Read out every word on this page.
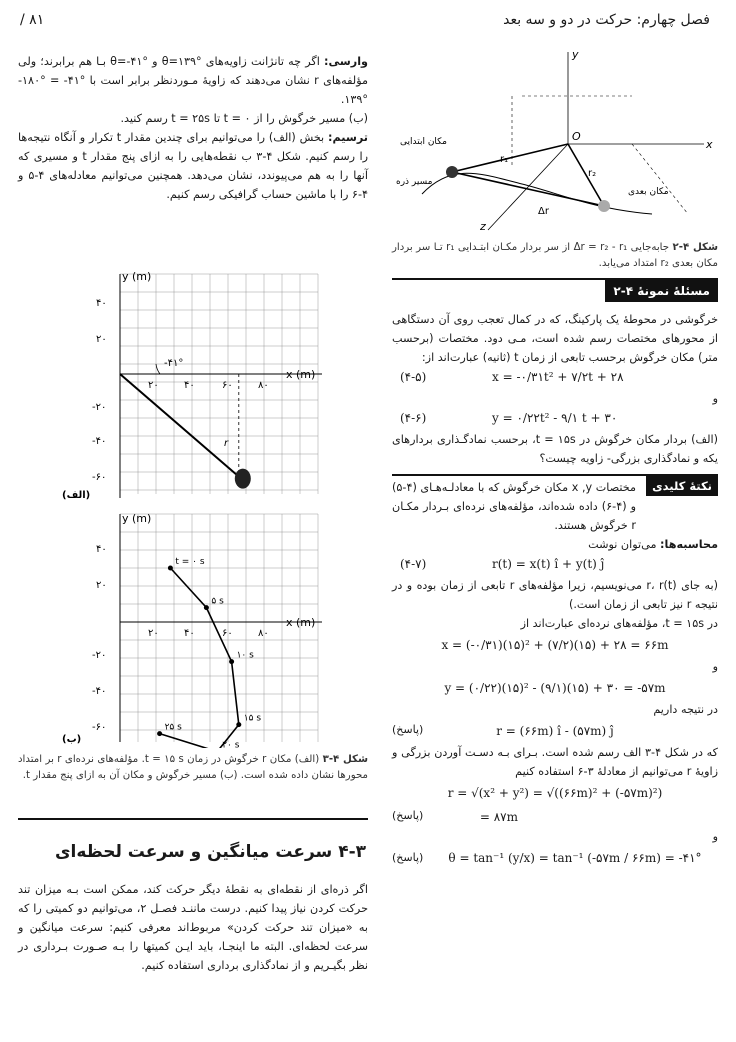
فصل چهارم: حرکت در دو و سه بعد
۸۱ /

وارسی: اگر چه تانژانت زاویه‌های °۱۳۹=θ و °۴۱-=θ بـا هم برابرند؛ ولی مؤلفه‌های r نشان می‌دهند که زاویهٔ مـوردنظر برابر است با °۴۱- = °۱۸۰- °۱۳۹.

(ب) مسیر خرگوش را از t = ۰ تا t = ۲۵s رسم کنید.

ترسیم: بخش (الف) را می‌توانیم برای چندین مقدار t تکرار و آنگاه نتیجه‌ها را رسم کنیم. شکل ۴-۳ ب نقطه‌هایی را به ازای پنج مقدار t و مسیری که آنها را به هم می‌پیوندد، نشان می‌دهد. همچنین می‌توانیم معادله‌های ۴-۵ و ۴-۶ را با ماشین حساب گرافیکی رسم کنیم.

y (m)
x (m)
۴۰
۲۰
-۲۰
-۴۰
-۶۰
۲۰	۴۰	۶۰	۸۰
-۴۱°
r
(الف)
y (m)
x (m)
۴۰
۲۰
-۲۰
-۴۰
-۶۰
۲۰	۴۰	۶۰	۸۰
t = ۰ s
۵ s
۱۰ s
۱۵ s
۲۰ s
۲۵ s
(ب)

شکل ۴-۳ (الف) مکان r خرگوش در زمان t = ۱۵ s. مؤلفه‌های نرده‌ای r بر امتداد محورها نشان داده شده است. (ب) مسیر خرگوش و مکان آن به ازای پنج مقدار t.

۴-۳ سرعت میانگین و سرعت لحظه‌ای

اگر ذره‌ای از نقطه‌ای به نقطهٔ دیگر حرکت کند، ممکن است بـه میزان تند حرکت کردن نیاز پیدا کنیم. درست ماننـد فصـل ۲، می‌توانیم دو کمیتی را که به «میزان تند حرکت کردن» مربوط‌اند معرفی کنیم: سرعت میانگین و سرعت لحظه‌ای. البته ما اینجـا، باید ایـن کمیتها را بـه صـورت بـرداری در نظر بگیـریم و از نمادگذاری برداری استفاده کنیم.

y
x
z
O
r₁
r₂
Δr
مکان ابتدایی
مکان بعدی
مسیر ذره

شکل ۴-۲ جابه‌جایی Δr = r₂ - r₁ از سر بردار مکـان ابتـدایی r₁ تـا سر بردار مکان بعدی r₂ امتداد می‌یابد.

مسئلهٔ نمونهٔ ۴-۲

خرگوشی در محوطهٔ یک پارکینگ، که در کمال تعجب روی آن دستگاهی از محورهای مختصات رسم شده است، مـی دود. مختصات (برحسب متر) مکان خرگوش برحسب تابعی از زمان t (ثانیه) عبارت‌اند از:

x = -۰/۳۱t² + ۷/۲t + ۲۸
(۴-۵)

و

y = ۰/۲۲t² - ۹/۱ t + ۳۰
(۴-۶)

(الف) بردار مکان خرگوش در t = ۱۵s، برحسب نمادگـذاری بردارهای یکه و نمادگذاری بزرگی- زاویه چیست؟

نکتهٔ کلیدی

مختصات x ,y مکان خرگوش که با معادلـه‌هـای (۴-۵) و (۴-۶) داده شده‌اند، مؤلفه‌های نرده‌ای بـردار مکـان r خرگوش هستند.

محاسبه‌ها: می‌توان نوشت

r(t) = x(t) î + y(t) ĵ
(۴-۷)

(به جای r، r(t) می‌نویسیم، زیرا مؤلفه‌های r تابعی از زمان بوده و در نتیجه r نیز تابعی از زمان است.)

در t = ۱۵s، مؤلفه‌های نرده‌ای عبارت‌اند از

x = (-۰/۳۱)(۱۵)² + (۷/۲)(۱۵) + ۲۸ = ۶۶m

و

y = (۰/۲۲)(۱۵)² - (۹/۱)(۱۵) + ۳۰ = -۵۷m

در نتیجه داریم

r = (۶۶m) î - (۵۷m) ĵ
(پاسخ)

که در شکل ۴-۳ الف رسم شده است. بـرای بـه دسـت آوردن بزرگی و زاویهٔ r می‌توانیم از معادلهٔ ۳-۶ استفاده کنیم

r = √(x² + y²) = √((۶۶m)² + (-۵۷m)²)
= ۸۷m
(پاسخ)

و

θ = tan⁻¹ (y/x) = tan⁻¹ (-۵۷m / ۶۶m) = -۴۱°
(پاسخ)
